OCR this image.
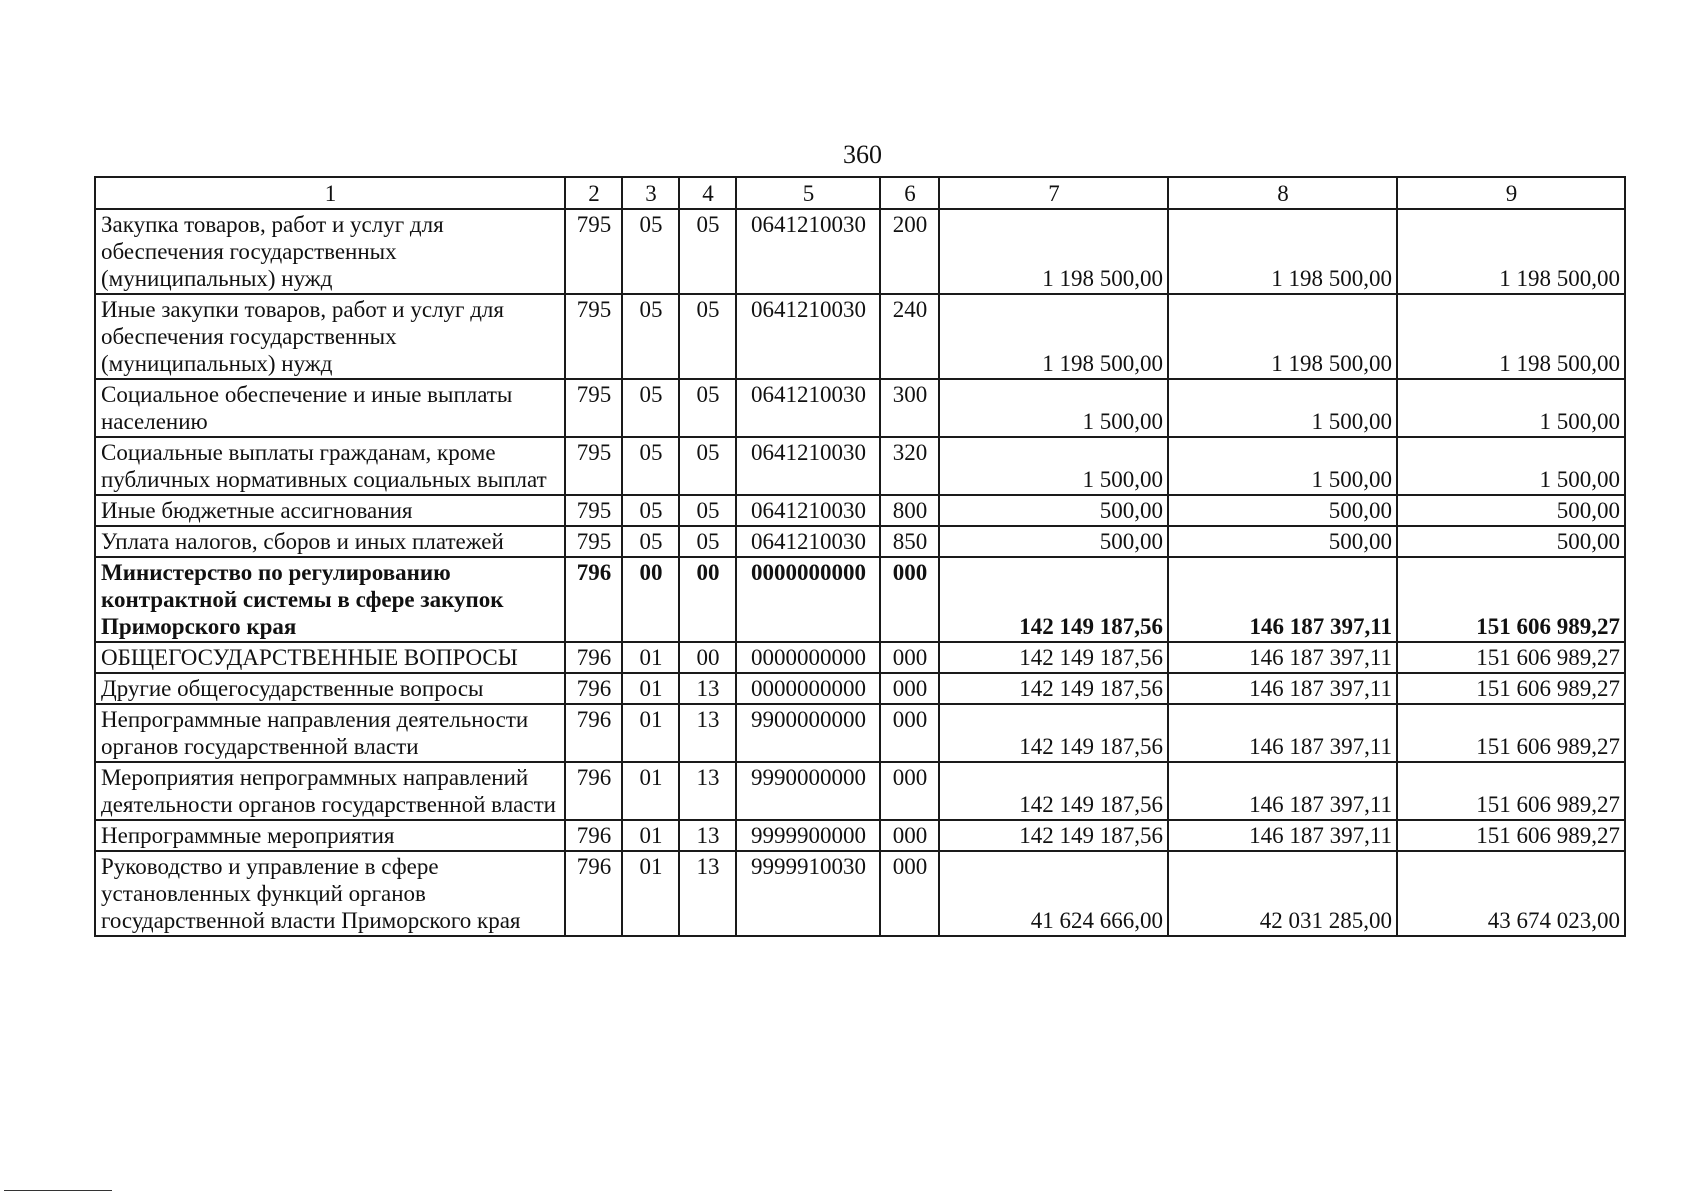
360
1	2	3	4	5	6	7	8	9
Закупка товаров, работ и услуг для обеспечения государственных (муниципальных) нужд	795	05	05	0641210030	200	1 198 500,00	1 198 500,00	1 198 500,00
Иные закупки товаров, работ и услуг для обеспечения государственных (муниципальных) нужд	795	05	05	0641210030	240	1 198 500,00	1 198 500,00	1 198 500,00
Социальное обеспечение и иные выплаты населению	795	05	05	0641210030	300	1 500,00	1 500,00	1 500,00
Социальные выплаты гражданам, кроме публичных нормативных социальных выплат	795	05	05	0641210030	320	1 500,00	1 500,00	1 500,00
Иные бюджетные ассигнования	795	05	05	0641210030	800	500,00	500,00	500,00
Уплата налогов, сборов и иных платежей	795	05	05	0641210030	850	500,00	500,00	500,00
Министерство по регулированию контрактной системы в сфере закупок Приморского края	796	00	00	0000000000	000	142 149 187,56	146 187 397,11	151 606 989,27
ОБЩЕГОСУДАРСТВЕННЫЕ ВОПРОСЫ	796	01	00	0000000000	000	142 149 187,56	146 187 397,11	151 606 989,27
Другие общегосударственные вопросы	796	01	13	0000000000	000	142 149 187,56	146 187 397,11	151 606 989,27
Непрограммные направления деятельности органов государственной власти	796	01	13	9900000000	000	142 149 187,56	146 187 397,11	151 606 989,27
Мероприятия непрограммных направлений деятельности органов государственной власти	796	01	13	9990000000	000	142 149 187,56	146 187 397,11	151 606 989,27
Непрограммные мероприятия	796	01	13	9999900000	000	142 149 187,56	146 187 397,11	151 606 989,27
Руководство и управление в сфере установленных функций органов государственной власти Приморского края	796	01	13	9999910030	000	41 624 666,00	42 031 285,00	43 674 023,00
